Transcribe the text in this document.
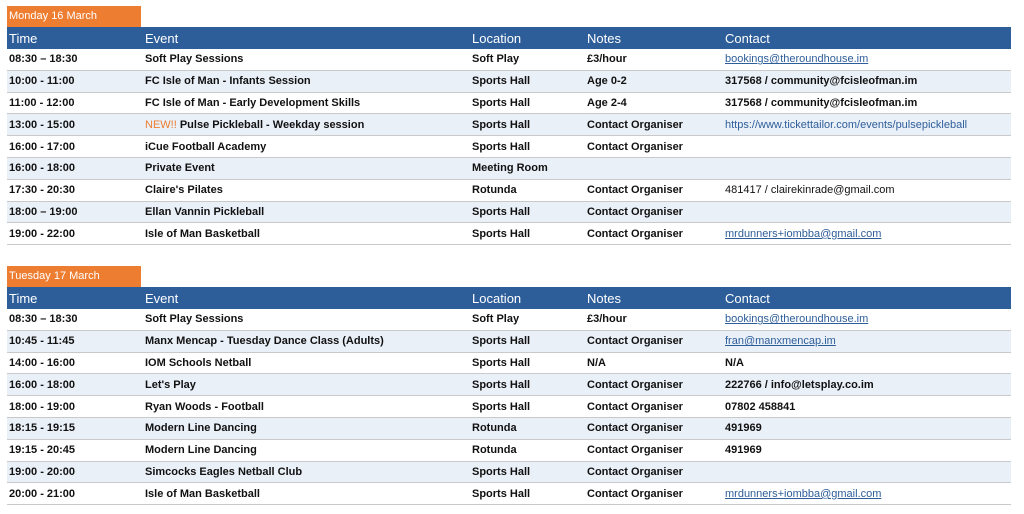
Monday 16 March
Time	Event	Location	Notes	Contact
08:30 – 18:30	Soft Play Sessions	Soft Play	£3/hour	bookings@theroundhouse.im
10:00 - 11:00	FC Isle of Man - Infants Session	Sports Hall	Age 0-2	317568 / community@fcisleofman.im
11:00 - 12:00	FC Isle of Man - Early Development Skills	Sports Hall	Age 2-4	317568 / community@fcisleofman.im
13:00 - 15:00	NEW!! Pulse Pickleball - Weekday session	Sports Hall	Contact Organiser	https://www.tickettailor.com/events/pulsepickleball
16:00 - 17:00	iCue Football Academy	Sports Hall	Contact Organiser	
16:00 - 18:00	Private Event	Meeting Room		
17:30 - 20:30	Claire's Pilates	Rotunda	Contact Organiser	481417 / clairekinrade@gmail.com
18:00 – 19:00	Ellan Vannin Pickleball	Sports Hall	Contact Organiser	
19:00 - 22:00	Isle of Man Basketball	Sports Hall	Contact Organiser	mrdunners+iombba@gmail.com
Tuesday 17 March
Time	Event	Location	Notes	Contact
08:30 – 18:30	Soft Play Sessions	Soft Play	£3/hour	bookings@theroundhouse.im
10:45 - 11:45	Manx Mencap - Tuesday Dance Class (Adults)	Sports Hall	Contact Organiser	fran@manxmencap.im
14:00 - 16:00	IOM Schools Netball	Sports Hall	N/A	N/A
16:00 - 18:00	Let's Play	Sports Hall	Contact Organiser	222766 / info@letsplay.co.im
18:00 - 19:00	Ryan Woods - Football	Sports Hall	Contact Organiser	07802 458841
18:15 - 19:15	Modern Line Dancing	Rotunda	Contact Organiser	491969
19:15 - 20:45	Modern Line Dancing	Rotunda	Contact Organiser	491969
19:00 - 20:00	Simcocks Eagles Netball Club	Sports Hall	Contact Organiser	
20:00 - 21:00	Isle of Man Basketball	Sports Hall	Contact Organiser	mrdunners+iombba@gmail.com
